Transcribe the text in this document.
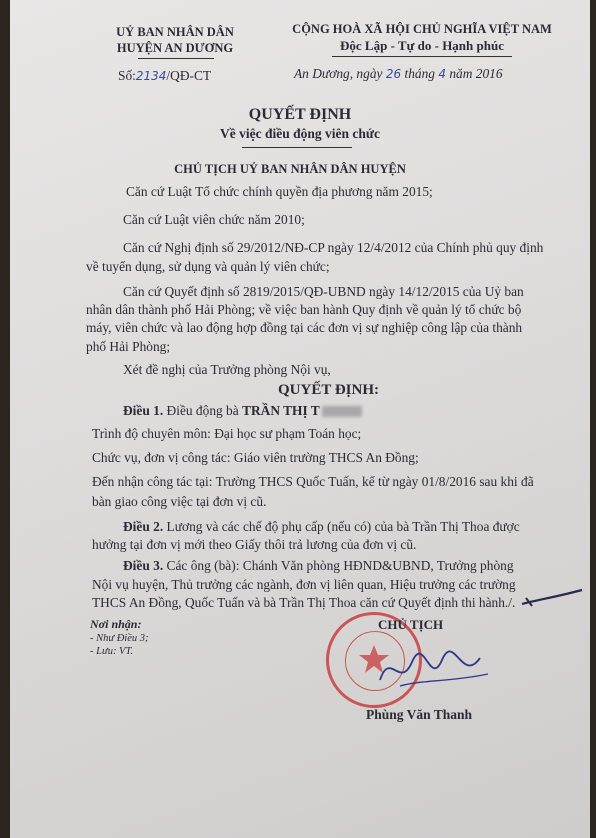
UỶ BAN NHÂN DÂN
HUYỆN AN DƯƠNG
CỘNG HOÀ XÃ HỘI CHỦ NGHĨA VIỆT NAM
Độc Lập - Tự do - Hạnh phúc
Số:2134/QĐ-CT	An Dương, ngày 26 tháng 4 năm 2016
QUYẾT ĐỊNH
Về việc điều động viên chức
CHỦ TỊCH UỶ BAN NHÂN DÂN HUYỆN
Căn cứ Luật Tổ chức chính quyền địa phương năm 2015;
Căn cứ Luật viên chức năm 2010;
Căn cứ Nghị định số 29/2012/NĐ-CP ngày 12/4/2012 của Chính phủ quy định
về tuyển dụng, sử dụng và quản lý viên chức;
Căn cứ Quyết định số 2819/2015/QĐ-UBND ngày 14/12/2015 của Uỷ ban
nhân dân thành phố Hải Phòng; về việc ban hành Quy định về quản lý tổ chức bộ
máy, viên chức và lao động hợp đồng tại các đơn vị sự nghiệp công lập của thành
phố Hải Phòng;
Xét đề nghị của Trưởng phòng Nội vụ,
QUYẾT ĐỊNH:
Điều 1. Điều động bà TRẦN THỊ T
Trình độ chuyên môn: Đại học sư phạm Toán học;
Chức vụ, đơn vị công tác: Giáo viên trường THCS An Đồng;
Đến nhận công tác tại: Trường THCS Quốc Tuấn, kể từ ngày 01/8/2016 sau khi đã
bàn giao công việc tại đơn vị cũ.
Điều 2. Lương và các chế độ phụ cấp (nếu có) của bà Trần Thị Thoa được
hưởng tại đơn vị mới theo Giấy thôi trả lương của đơn vị cũ.
Điều 3. Các ông (bà): Chánh Văn phòng HĐND&UBND, Trưởng phòng
Nội vụ huyện, Thủ trưởng các ngành, đơn vị liên quan, Hiệu trưởng các trường
THCS An Đồng, Quốc Tuấn và bà Trần Thị Thoa căn cứ Quyết định thi hành./.
Nơi nhận:
- Như Điều 3;
- Lưu: VT.
CHỦ TỊCH
Phùng Văn Thanh
